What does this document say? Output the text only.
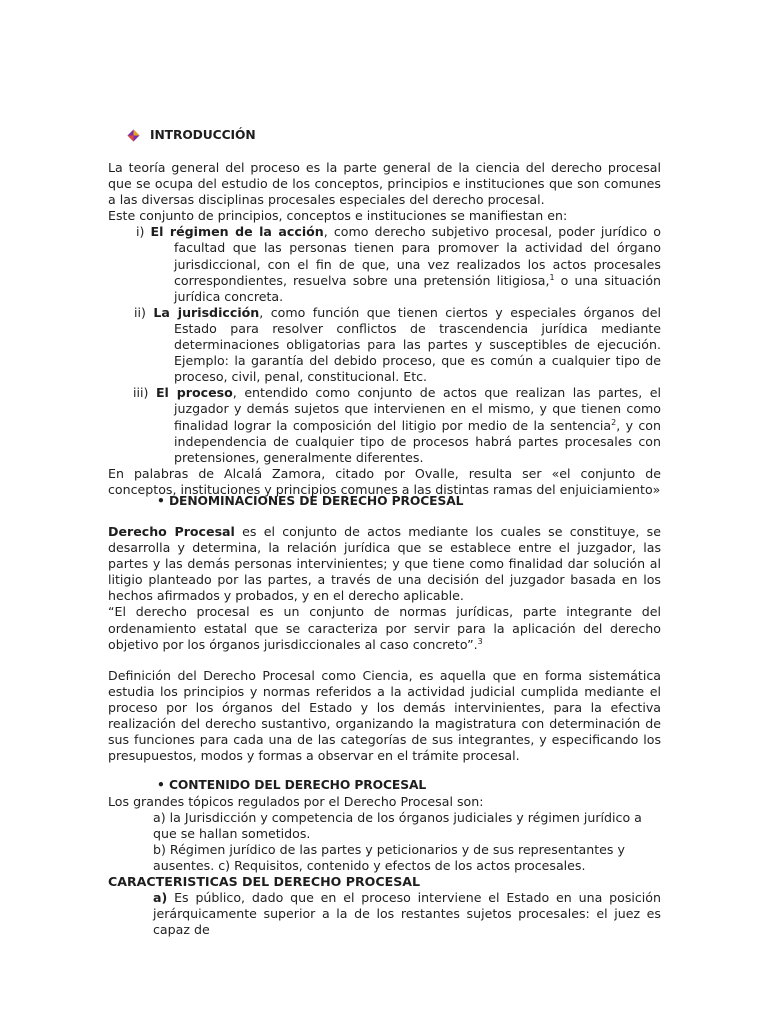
INTRODUCCIÓN

La teoría general del proceso es la parte general de la ciencia del derecho procesal que se ocupa del estudio de los conceptos, principios e instituciones que son comunes a las diversas disciplinas procesales especiales del derecho procesal.

Este conjunto de principios, conceptos e instituciones se manifiestan en:

i) El régimen de la acción, como derecho subjetivo procesal, poder jurídico o facultad que las personas tienen para promover la actividad del órgano jurisdiccional, con el fin de que, una vez realizados los actos procesales correspondientes, resuelva sobre una pretensión litigiosa,$^1$ o una situación jurídica concreta.
ii) La jurisdicción, como función que tienen ciertos y especiales órganos del Estado para resolver conflictos de trascendencia jurídica mediante determinaciones obligatorias para las partes y susceptibles de ejecución. Ejemplo: la garantía del debido proceso, que es común a cualquier tipo de proceso, civil, penal, constitucional. Etc.
iii) El proceso, entendido como conjunto de actos que realizan las partes, el juzgador y demás sujetos que intervienen en el mismo, y que tienen como finalidad lograr la composición del litigio por medio de la sentencia$^2$, y con independencia de cualquier tipo de procesos habrá partes procesales con pretensiones, generalmente diferentes.

En palabras de Alcalá Zamora, citado por Ovalle, resulta ser «el conjunto de conceptos, instituciones y principios comunes a las distintas ramas del enjuiciamiento»

• DENOMINACIONES DE DERECHO PROCESAL

Derecho Procesal es el conjunto de actos mediante los cuales se constituye, se desarrolla y determina, la relación jurídica que se establece entre el juzgador, las partes y las demás personas intervinientes; y que tiene como finalidad dar solución al litigio planteado por las partes, a través de una decisión del juzgador basada en los hechos afirmados y probados, y en el derecho aplicable.

“El derecho procesal es un conjunto de normas jurídicas, parte integrante del ordenamiento estatal que se caracteriza por servir para la aplicación del derecho objetivo por los órganos jurisdiccionales al caso concreto”.$^3$

Definición del Derecho Procesal como Ciencia, es aquella que en forma sistemática estudia los principios y normas referidos a la actividad judicial cumplida mediante el proceso por los órganos del Estado y los demás intervinientes, para la efectiva realización del derecho sustantivo, organizando la magistratura con determinación de sus funciones para cada una de las categorías de sus integrantes, y especificando los presupuestos, modos y formas a observar en el trámite procesal.
• CONTENIDO DEL DERECHO PROCESAL

Los grandes tópicos regulados por el Derecho Procesal son:

a) la Jurisdicción y competencia de los órganos judiciales y régimen jurídico a que se hallan sometidos.
b) Régimen jurídico de las partes y peticionarios y de sus representantes y ausentes. c) Requisitos, contenido y efectos de los actos procesales.

CARACTERISTICAS DEL DERECHO PROCESAL

a) Es público, dado que en el proceso interviene el Estado en una posición jerárquicamente superior a la de los restantes sujetos procesales: el juez es capaz de
